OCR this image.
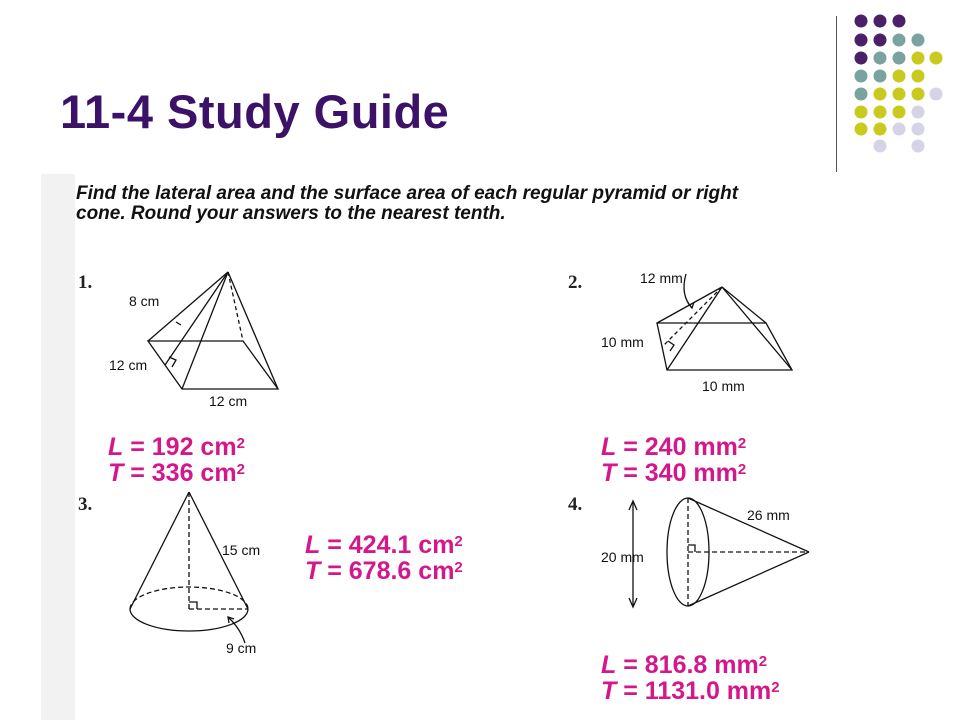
11-4 Study Guide
Find the lateral area and the surface area of each regular pyramid or right cone. Round your answers to the nearest tenth.
1.	2.
3.	4.
8 cm
12 cm
12 cm
12 mm
10 mm
10 mm
15 cm
9 cm
26 mm
20 mm
L = 192 $cm^2$
T = 336 $cm^2$
L = 240 $mm^2$
T = 340 $mm^2$
L = 424.1 $cm^2$
T = 678.6 $cm^2$
L = 816.8 $mm^2$
T = 1131.0 $mm^2$
